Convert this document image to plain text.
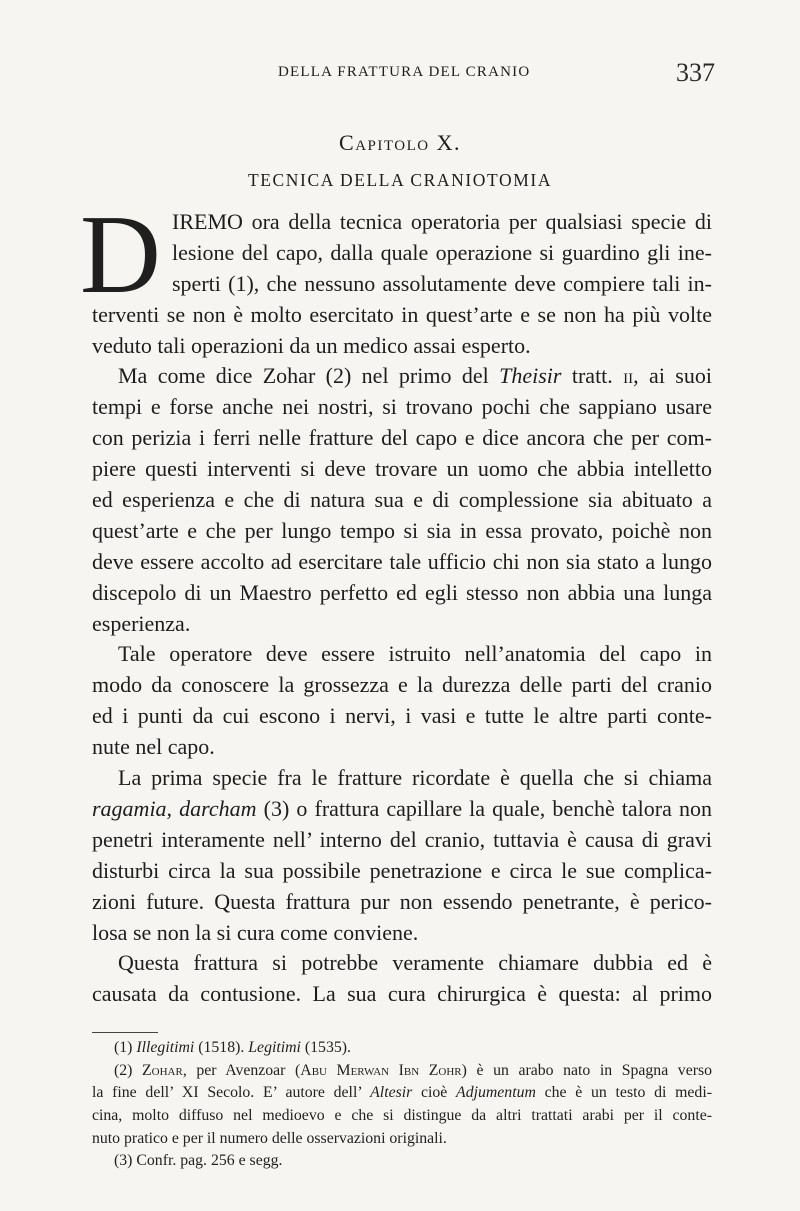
DELLA FRATTURA DEL CRANIO	337
Capitolo X.
TECNICA DELLA CRANIOTOMIA
D IREMO ora della tecnica operatoria per qualsiasi specie di
lesione del capo, dalla quale operazione si guardino gli ine-
sperti (1), che nessuno assolutamente deve compiere tali in-
terventi se non è molto esercitato in quest’arte e se non ha più volte
veduto tali operazioni da un medico assai esperto.
Ma come dice Zohar (2) nel primo del Theisir tratt. ii, ai suoi
tempi e forse anche nei nostri, si trovano pochi che sappiano usare
con perizia i ferri nelle fratture del capo e dice ancora che per com-
piere questi interventi si deve trovare un uomo che abbia intelletto
ed esperienza e che di natura sua e di complessione sia abituato a
quest’arte e che per lungo tempo si sia in essa provato, poichè non
deve essere accolto ad esercitare tale ufficio chi non sia stato a lungo
discepolo di un Maestro perfetto ed egli stesso non abbia una lunga
esperienza.
Tale operatore deve essere istruito nell’anatomia del capo in
modo da conoscere la grossezza e la durezza delle parti del cranio
ed i punti da cui escono i nervi, i vasi e tutte le altre parti conte-
nute nel capo.
La prima specie fra le fratture ricordate è quella che si chiama
ragamia, darcham (3) o frattura capillare la quale, benchè talora non
penetri interamente nell’ interno del cranio, tuttavia è causa di gravi
disturbi circa la sua possibile penetrazione e circa le sue complica-
zioni future. Questa frattura pur non essendo penetrante, è perico-
losa se non la si cura come conviene.
Questa frattura si potrebbe veramente chiamare dubbia ed è
causata da contusione. La sua cura chirurgica è questa: al primo
(1) Illegitimi (1518). Legitimi (1535).
(2) Zohar, per Avenzoar (Abu Merwan Ibn Zohr) è un arabo nato in Spagna verso
la fine dell’ XI Secolo. E’ autore dell’ Altesir cioè Adjumentum che è un testo di medi-
cina, molto diffuso nel medioevo e che si distingue da altri trattati arabi per il conte-
nuto pratico e per il numero delle osservazioni originali.
(3) Confr. pag. 256 e segg.
